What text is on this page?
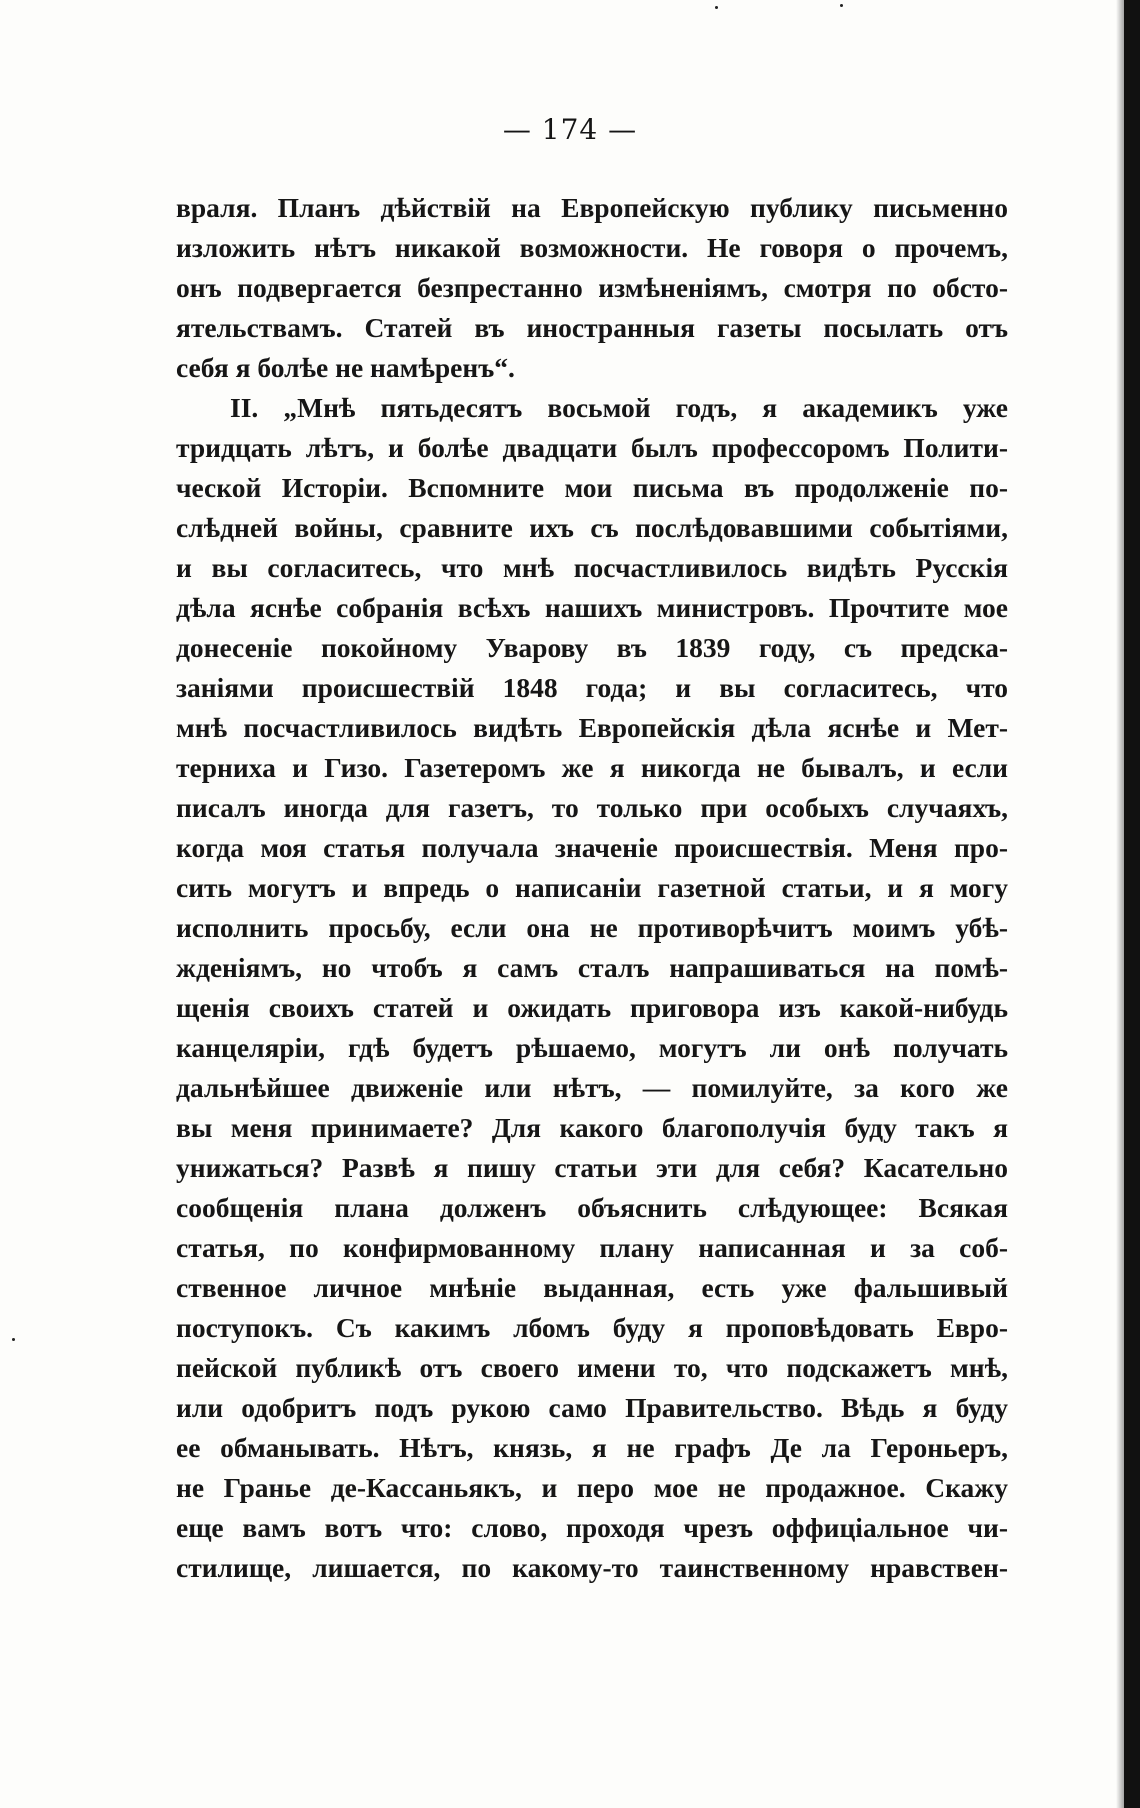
— 174 —
враля. Планъ дѣйствій на Европейскую публику письменно
изложить нѣтъ никакой возможности. Не говоря о прочемъ,
онъ подвергается безпрестанно измѣненіямъ, смотря по обсто-
ятельствамъ. Статей въ иностранныя газеты посылать отъ
себя я болѣе не намѣренъ“.
II. „Мнѣ пятьдесятъ восьмой годъ, я академикъ уже
тридцать лѣтъ, и болѣе двадцати былъ профессоромъ Полити-
ческой Исторіи. Вспомните мои письма въ продолженіе по-
слѣдней войны, сравните ихъ съ послѣдовавшими событіями,
и вы согласитесь, что мнѣ посчастливилось видѣть Русскія
дѣла яснѣе собранія всѣхъ нашихъ министровъ. Прочтите мое
донесеніе покойному Уварову въ 1839 году, съ предска-
заніями происшествій 1848 года; и вы согласитесь, что
мнѣ посчастливилось видѣть Европейскія дѣла яснѣе и Мет-
терниха и Гизо. Газетеромъ же я никогда не бывалъ, и если
писалъ иногда для газетъ, то только при особыхъ случаяхъ,
когда моя статья получала значеніе происшествія. Меня про-
сить могутъ и впредь о написаніи газетной статьи, и я могу
исполнить просьбу, если она не противорѣчитъ моимъ убѣ-
жденіямъ, но чтобъ я самъ сталъ напрашиваться на помѣ-
щенія своихъ статей и ожидать приговора изъ какой-нибудь
канцеляріи, гдѣ будетъ рѣшаемо, могутъ ли онѣ получать
дальнѣйшее движеніе или нѣтъ, — помилуйте, за кого же
вы меня принимаете? Для какого благополучія буду такъ я
унижаться? Развѣ я пишу статьи эти для себя? Касательно
сообщенія плана долженъ объяснить слѣдующее: Всякая
статья, по конфирмованному плану написанная и за соб-
ственное личное мнѣніе выданная, есть уже фальшивый
поступокъ. Съ какимъ лбомъ буду я проповѣдовать Евро-
пейской публикѣ отъ своего имени то, что подскажетъ мнѣ,
или одобритъ подъ рукою само Правительство. Вѣдь я буду
ее обманывать. Нѣтъ, князь, я не графъ Де ла Героньеръ,
не Гранье де-Кассаньякъ, и перо мое не продажное. Скажу
еще вамъ вотъ что: слово, проходя чрезъ оффиціальное чи-
стилище, лишается, по какому-то таинственному нравствен-
